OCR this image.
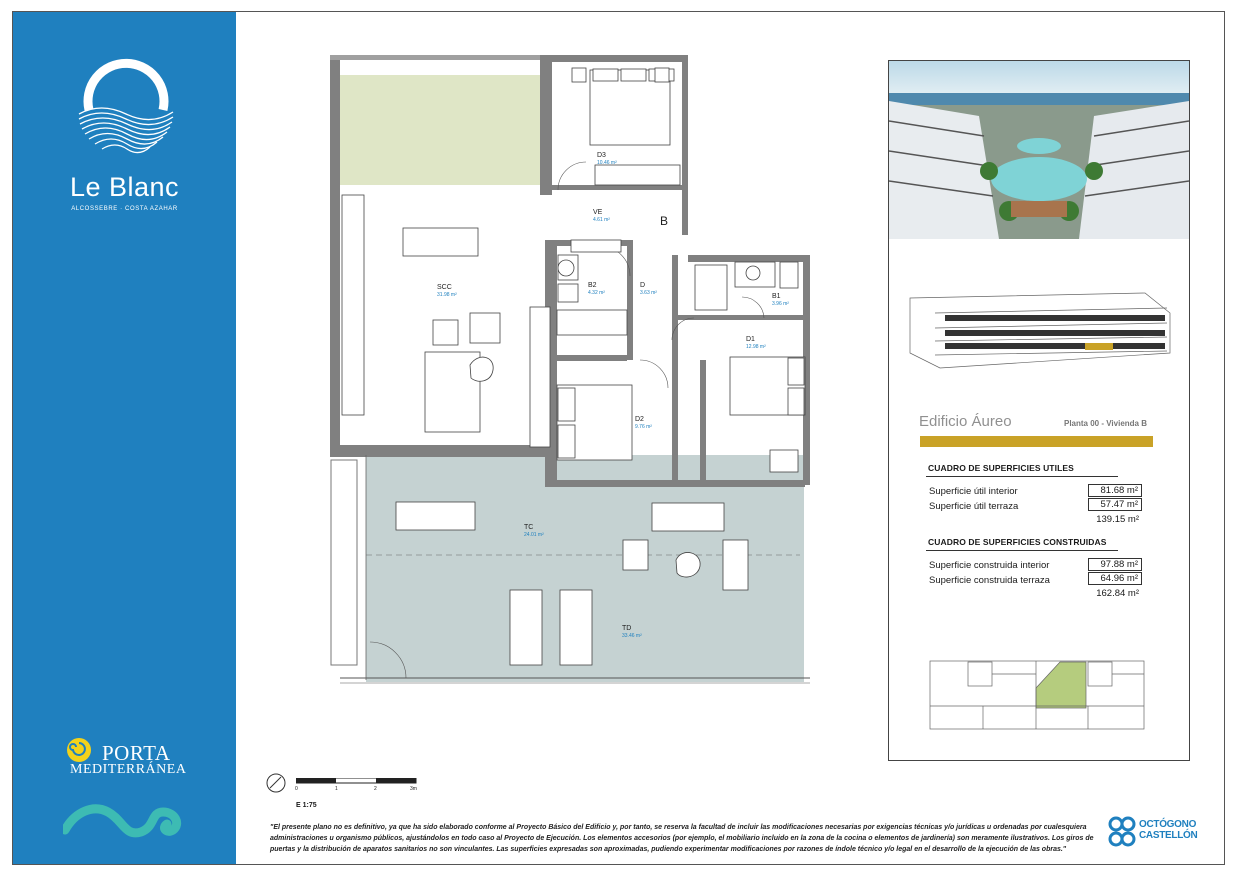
Le Blanc
ALCOSSEBRE · COSTA AZAHAR
PORTA
MEDITERRÁNEA
D3
10.46 m²
VE
4.61 m²	B
SCC
31.98 m²
B2
4.32 m²
D
3.63 m²	B1
3.96 m²
D1
12.98 m²
D2
9.76 m²
TC
24.01 m²
TD
33.46 m²
0	1	2	3m
E 1:75
"El presente plano no es definitivo, ya que ha sido elaborado conforme al Proyecto Básico del Edificio y, por tanto, se reserva la facultad de incluir las modificaciones necesarias por exigencias técnicas y/o jurídicas u ordenadas por cualesquiera administraciones u organismo públicos, ajustándolos en todo caso al Proyecto de Ejecución. Los elementos accesorios (por ejemplo, el mobiliario incluido en la zona de la cocina o elementos de jardinería) son meramente ilustrativos. Los giros de puertas y la distribución de aparatos sanitarios no son vinculantes. Las superficies expresadas son aproximadas, pudiendo experimentar modificaciones por razones de índole técnico y/o legal en el desarrollo de la ejecución de las obras."
OCTÓGONO
CASTELLÓN
Edificio Áureo	Planta 00 - Vivienda B
CUADRO DE SUPERFICIES UTILES
Superficie útil interior	81.68 m²
Superficie útil terraza	57.47 m²
139.15 m²
CUADRO DE SUPERFICIES CONSTRUIDAS
Superficie construida interior	97.88 m²
Superficie construida terraza	64.96 m²
162.84 m²
